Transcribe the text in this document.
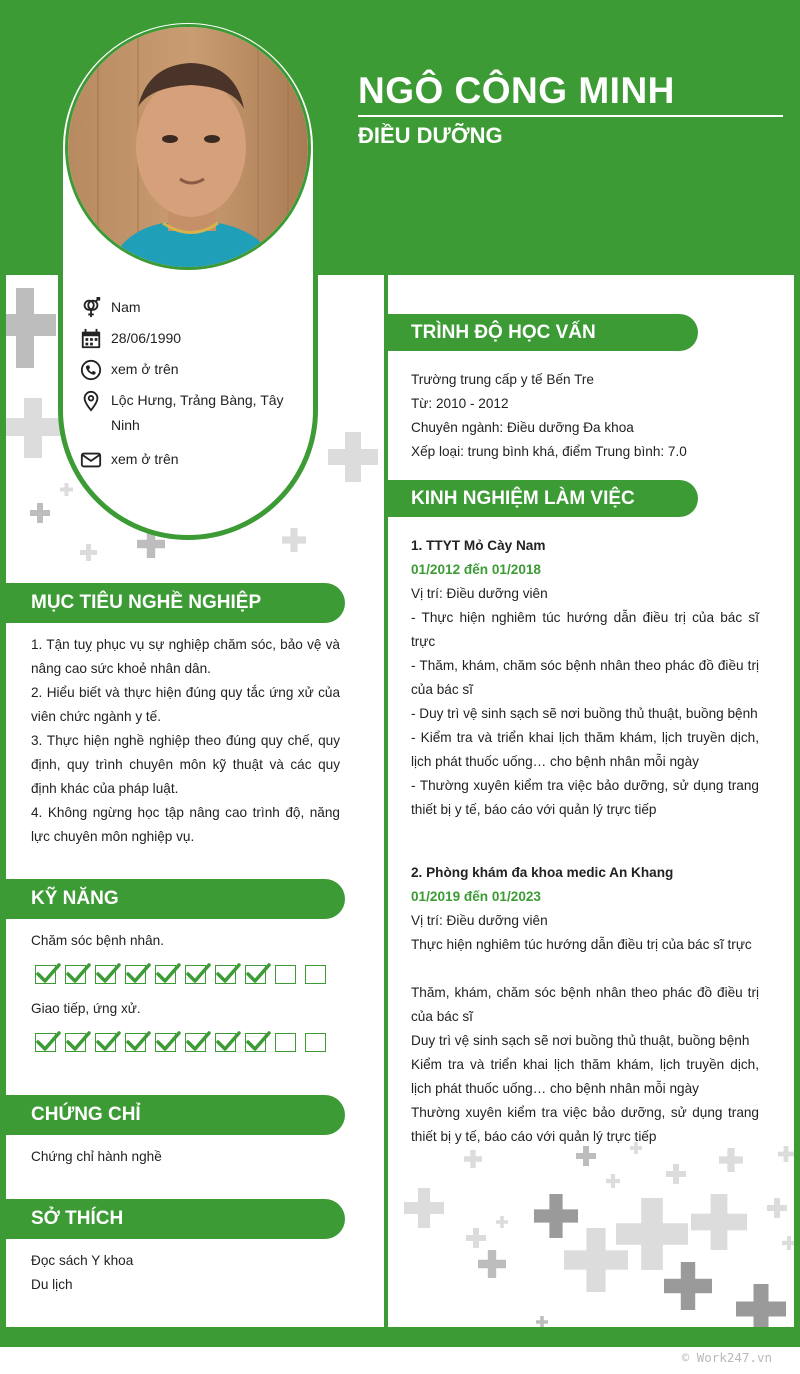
NGÔ CÔNG MINH
ĐIỀU DƯỠNG
Nam
28/06/1990
xem ở trên
Lộc Hưng, Trảng Bàng, Tây Ninh
xem ở trên
MỤC TIÊU NGHỀ NGHIỆP
1. Tận tuỵ phục vụ sự nghiệp chăm sóc, bảo vệ và nâng cao sức khoẻ nhân dân.
2. Hiểu biết và thực hiện đúng quy tắc ứng xử của viên chức ngành y tế.
3. Thực hiện nghề nghiệp theo đúng quy chế, quy định, quy trình chuyên môn kỹ thuật và các quy định khác của pháp luật.
4. Không ngừng học tập nâng cao trình độ, năng lực chuyên môn nghiệp vụ.
KỸ NĂNG
Chăm sóc bệnh nhân.
Giao tiếp, ứng xử.
CHỨNG CHỈ
Chứng chỉ hành nghề
SỞ THÍCH
Đọc sách Y khoa
Du lịch
TRÌNH ĐỘ HỌC VẤN
Trường trung cấp y tế Bến Tre
Từ: 2010 - 2012
Chuyên ngành: Điều dưỡng Đa khoa
Xếp loại: trung bình khá, điểm Trung bình: 7.0
KINH NGHIỆM LÀM VIỆC
1. TTYT Mỏ Cày Nam
01/2012 đến 01/2018
Vị trí: Điều dưỡng viên
- Thực hiện nghiêm túc hướng dẫn điều trị của bác sĩ trực
- Thăm, khám, chăm sóc bệnh nhân theo phác đồ điều trị của bác sĩ
- Duy trì vệ sinh sạch sẽ nơi buồng thủ thuật, buồng bệnh
- Kiểm tra và triển khai lịch thăm khám, lịch truyền dịch, lịch phát thuốc uống… cho bệnh nhân mỗi ngày
- Thường xuyên kiểm tra việc bảo dưỡng, sử dụng trang thiết bị y tế, báo cáo với quản lý trực tiếp
2. Phòng khám đa khoa medic An Khang
01/2019 đến 01/2023
Vị trí: Điều dưỡng viên
Thực hiện nghiêm túc hướng dẫn điều trị của bác sĩ trực
Thăm, khám, chăm sóc bệnh nhân theo phác đồ điều trị của bác sĩ
Duy trì vệ sinh sạch sẽ nơi buồng thủ thuật, buồng bệnh
Kiểm tra và triển khai lịch thăm khám, lịch truyền dịch, lịch phát thuốc uống… cho bệnh nhân mỗi ngày
Thường xuyên kiểm tra việc bảo dưỡng, sử dụng trang thiết bị y tế, báo cáo với quản lý trực tiếp
© Work247.vn
